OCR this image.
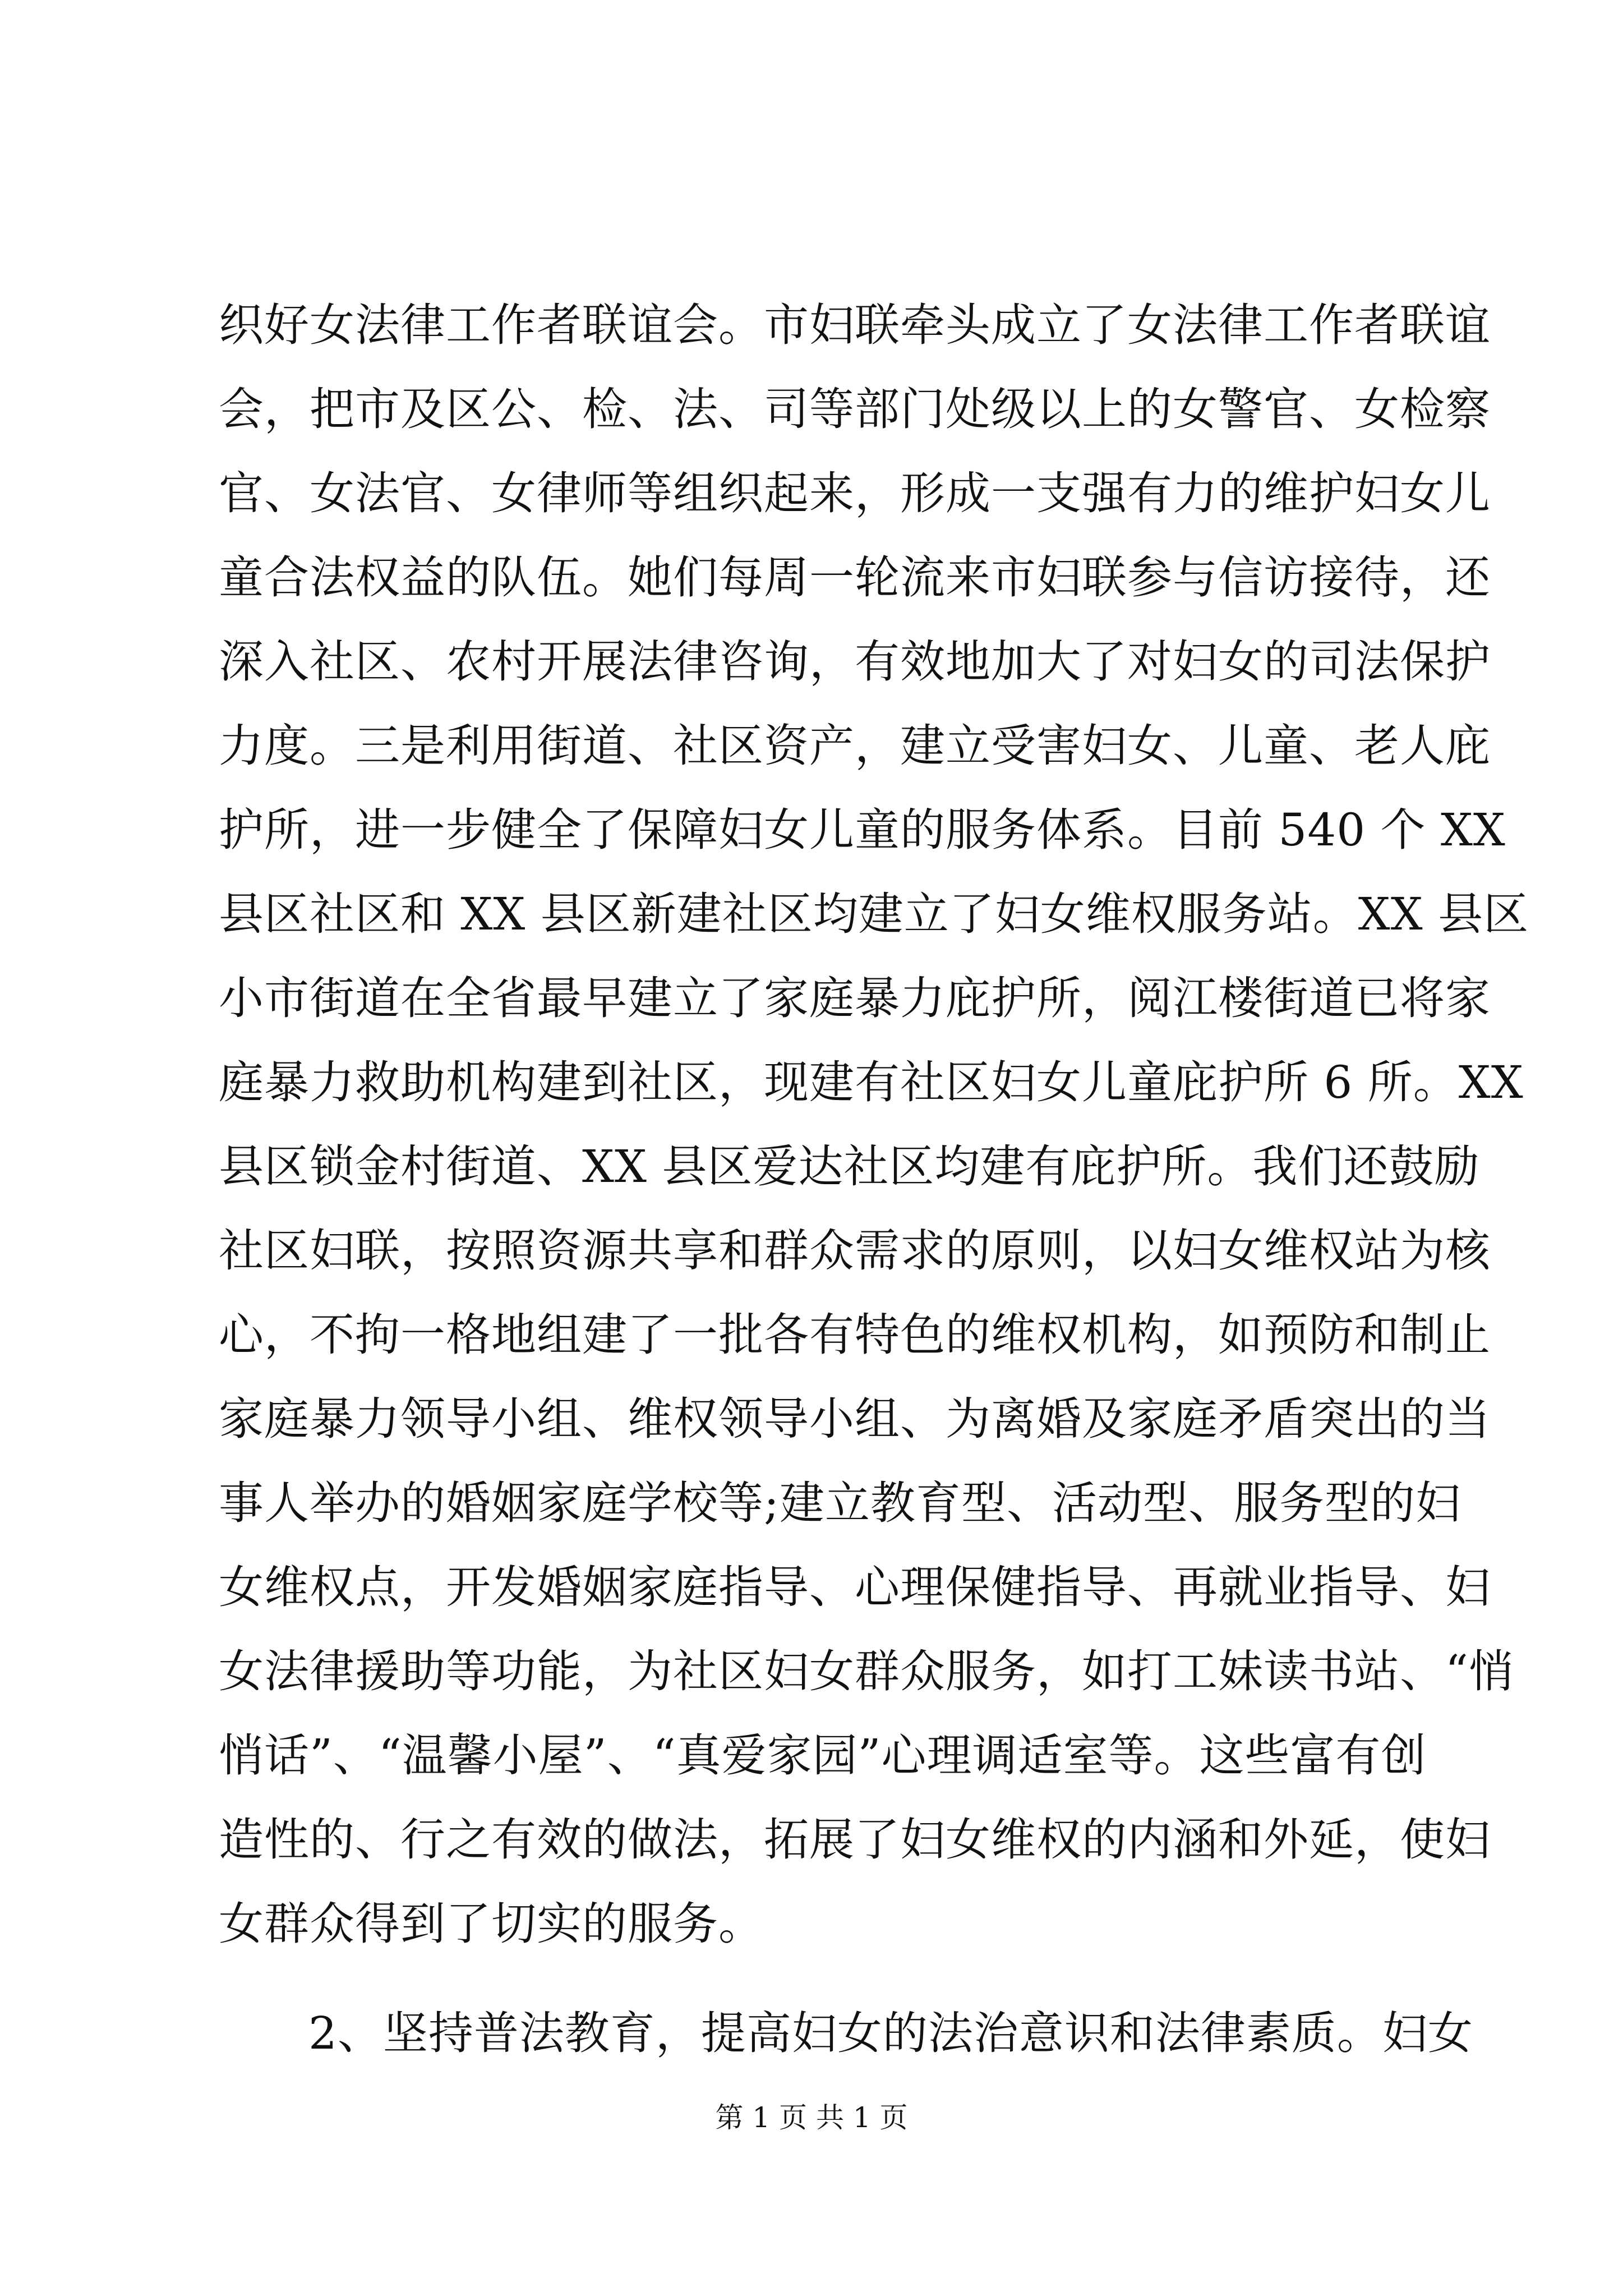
织好女法律工作者联谊会。市妇联牵头成立了女法律工作者联谊
会，把市及区公、检、法、司等部门处级以上的女警官、女检察
官、女法官、女律师等组织起来，形成一支强有力的维护妇女儿
童合法权益的队伍。她们每周一轮流来市妇联参与信访接待，还
深入社区、农村开展法律咨询，有效地加大了对妇女的司法保护
力度。三是利用街道、社区资产，建立受害妇女、儿童、老人庇
护所，进一步健全了保障妇女儿童的服务体系。目前 540 个 XX
县区社区和 XX 县区新建社区均建立了妇女维权服务站。XX 县区
小市街道在全省最早建立了家庭暴力庇护所，阅江楼街道已将家
庭暴力救助机构建到社区，现建有社区妇女儿童庇护所 6 所。XX
县区锁金村街道、XX 县区爱达社区均建有庇护所。我们还鼓励
社区妇联，按照资源共享和群众需求的原则，以妇女维权站为核
心，不拘一格地组建了一批各有特色的维权机构，如预防和制止
家庭暴力领导小组、维权领导小组、为离婚及家庭矛盾突出的当
事人举办的婚姻家庭学校等;建立教育型、活动型、服务型的妇
女维权点，开发婚姻家庭指导、心理保健指导、再就业指导、妇
女法律援助等功能，为社区妇女群众服务，如打工妹读书站、“悄
悄话”、“温馨小屋”、“真爱家园”心理调适室等。这些富有创
造性的、行之有效的做法，拓展了妇女维权的内涵和外延，使妇
女群众得到了切实的服务。
2、坚持普法教育，提高妇女的法治意识和法律素质。妇女
第 1 页 共 1 页
